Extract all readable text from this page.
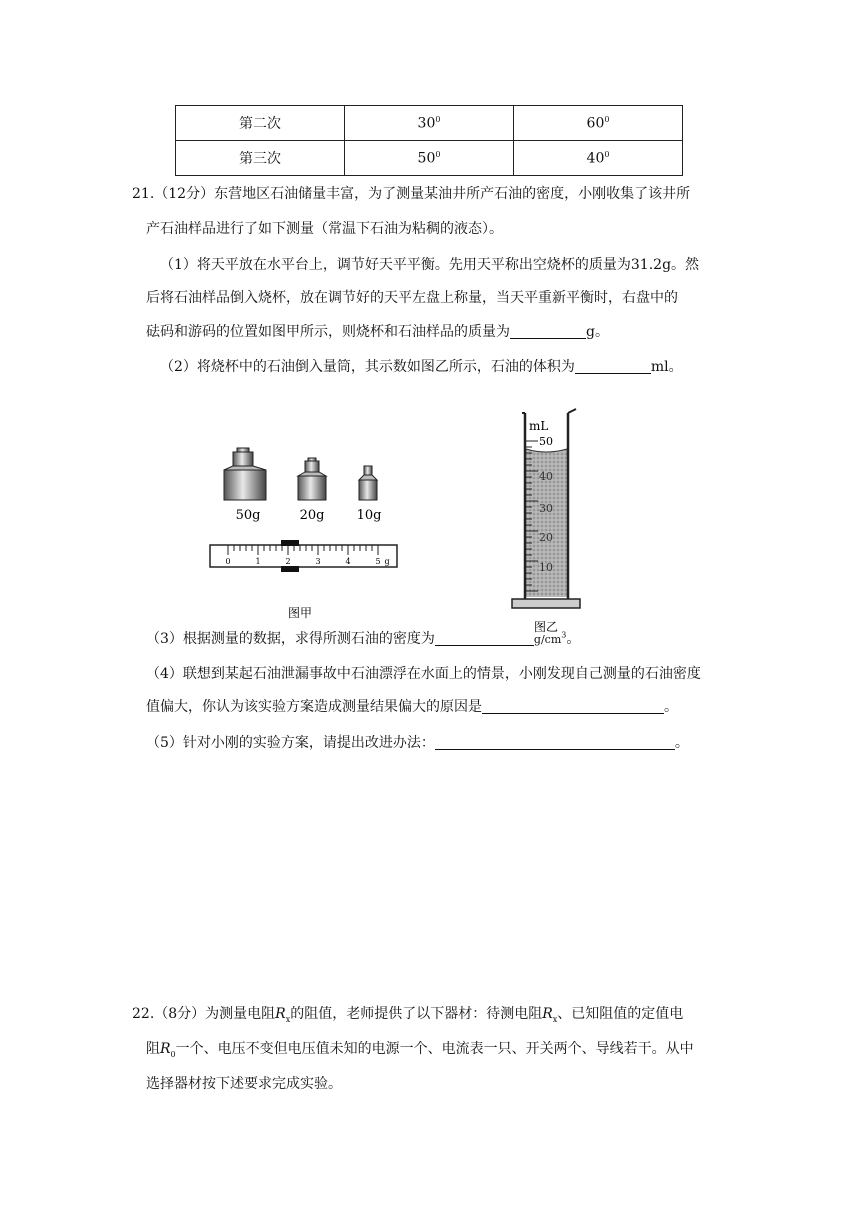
第二次	$30^0$	$60^0$
第三次	$50^0$	$40^0$
21.（12分）东营地区石油储量丰富，为了测量某油井所产石油的密度，小刚收集了该井所
产石油样品进行了如下测量（常温下石油为粘稠的液态）。
（1）将天平放在水平台上，调节好天平平衡。先用天平称出空烧杯的质量为31.2g。然
后将石油样品倒入烧杯，放在调节好的天平左盘上称量，当天平重新平衡时，右盘中的
砝码和游码的位置如图甲所示，则烧杯和石油样品的质量为	g。
（2）将烧杯中的石油倒入量筒，其示数如图乙所示，石油的体积为	ml。
50g	20g 10g
0	1	2	3	4	5 g
图甲
mL
50
40
30
20
10
图乙
（3）根据测量的数据，求得所测石油的密度为	$g/cm^3$。
（4）联想到某起石油泄漏事故中石油漂浮在水面上的情景，小刚发现自己测量的石油密度
值偏大，你认为该实验方案造成测量结果偏大的原因是	。
（5）针对小刚的实验方案，请提出改进办法：	。
22.（8分）为测量电阻$R_x$的阻值，老师提供了以下器材：待测电阻$R_x$、已知阻值的定值电
阻$R_0$一个、电压不变但电压值未知的电源一个、电流表一只、开关两个、导线若干。从中
选择器材按下述要求完成实验。
